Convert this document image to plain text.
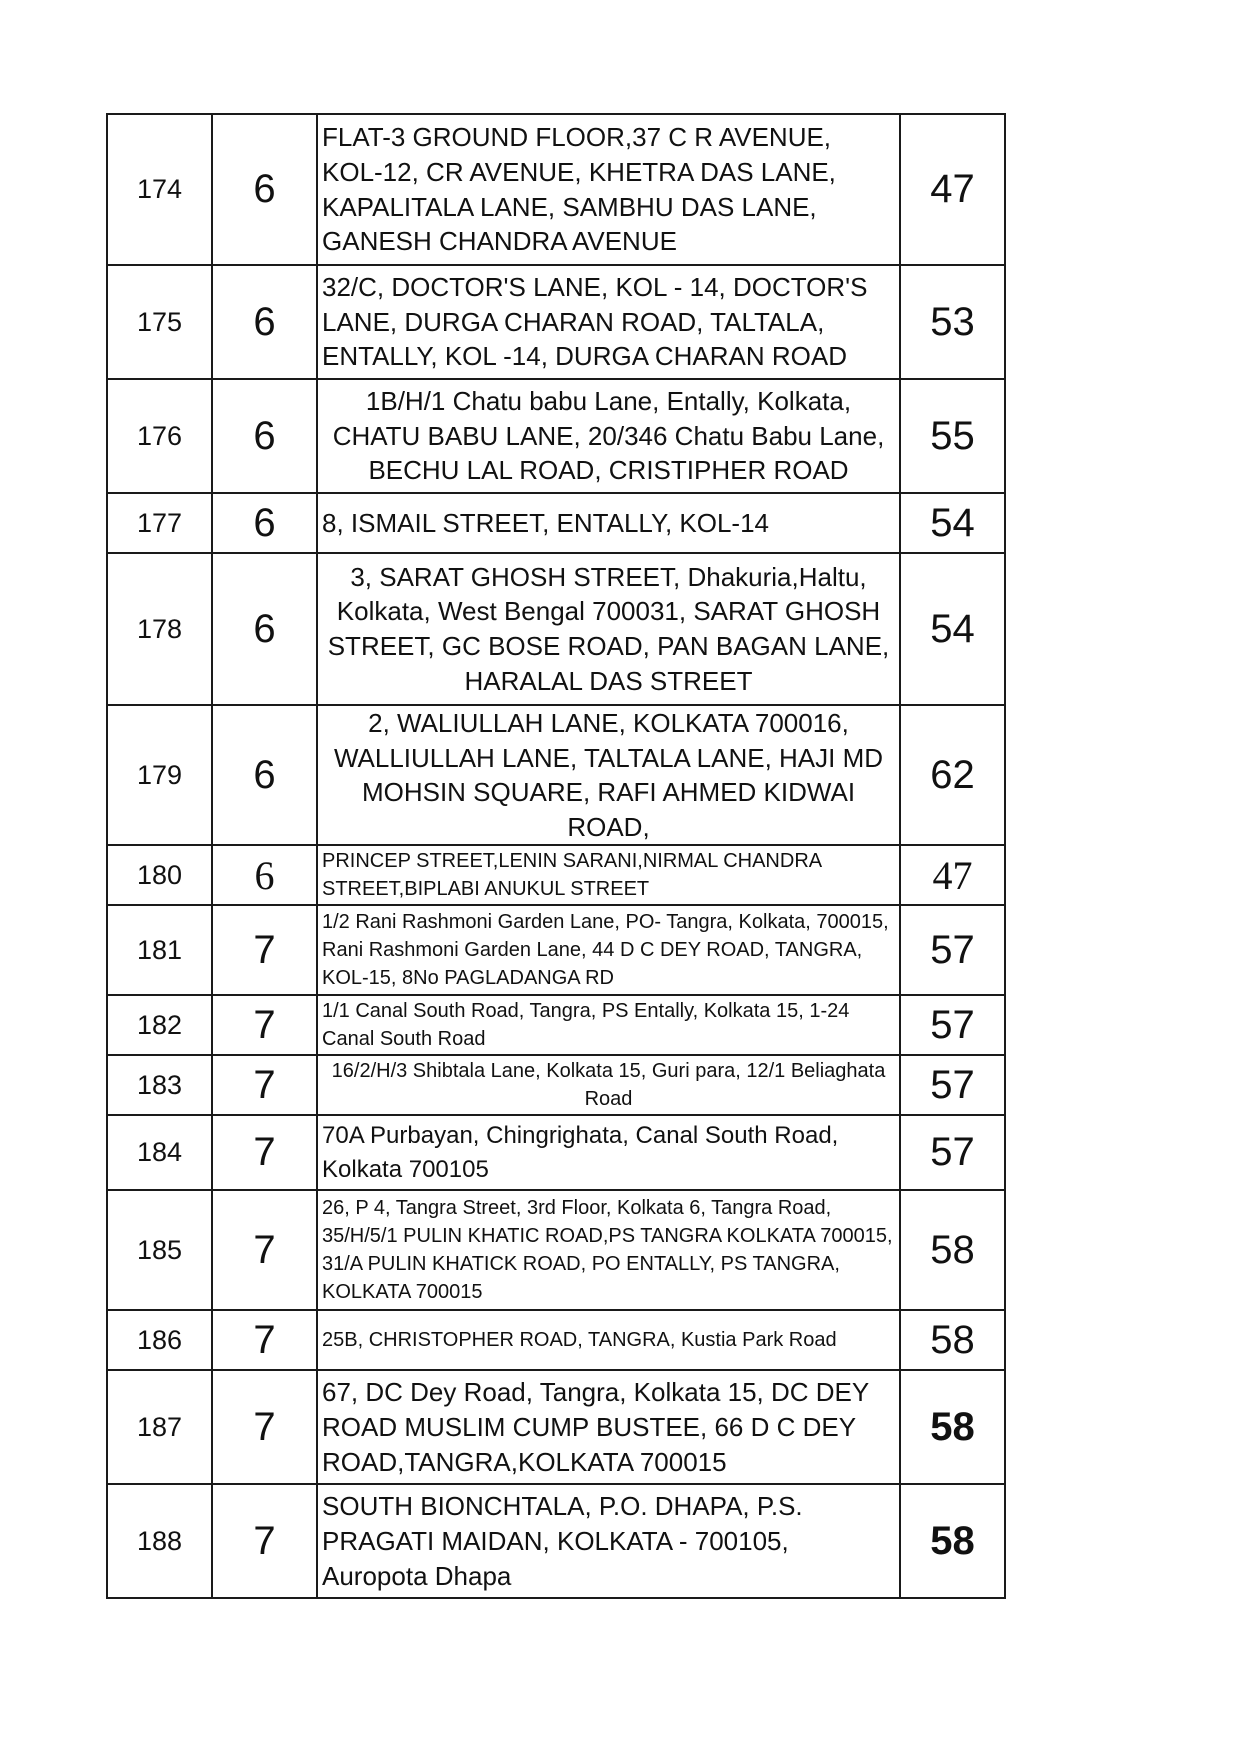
174	6	FLAT-3 GROUND FLOOR,37 C R AVENUE, KOL-12, CR AVENUE, KHETRA DAS LANE, KAPALITALA LANE, SAMBHU DAS LANE, GANESH CHANDRA AVENUE	47
175	6	32/C, DOCTOR'S LANE, KOL - 14, DOCTOR'S LANE, DURGA CHARAN ROAD, TALTALA, ENTALLY, KOL -14, DURGA CHARAN ROAD	53
176	6	1B/H/1 Chatu babu Lane, Entally, Kolkata, CHATU BABU LANE, 20/346 Chatu Babu Lane, BECHU LAL ROAD, CRISTIPHER ROAD	55
177	6	8, ISMAIL STREET, ENTALLY, KOL-14	54
178	6	3, SARAT GHOSH STREET, Dhakuria,Haltu, Kolkata, West Bengal 700031, SARAT GHOSH STREET, GC BOSE ROAD, PAN BAGAN LANE, HARALAL DAS STREET	54
179	6	2, WALIULLAH LANE, KOLKATA 700016, WALLIULLAH LANE, TALTALA LANE, HAJI MD MOHSIN SQUARE, RAFI AHMED KIDWAI ROAD,	62
180	6	PRINCEP STREET,LENIN SARANI,NIRMAL CHANDRA STREET,BIPLABI ANUKUL STREET	47
181	7	1/2 Rani Rashmoni Garden Lane, PO- Tangra, Kolkata, 700015, Rani Rashmoni Garden Lane, 44 D C DEY ROAD, TANGRA, KOL-15, 8No PAGLADANGA RD	57
182	7	1/1 Canal South Road, Tangra, PS Entally, Kolkata 15, 1-24 Canal South Road	57
183	7	16/2/H/3 Shibtala Lane, Kolkata 15, Guri para, 12/1 Beliaghata Road	57
184	7	70A Purbayan, Chingrighata, Canal South Road, Kolkata 700105	57
185	7	26, P 4, Tangra Street, 3rd Floor, Kolkata 6, Tangra Road, 35/H/5/1 PULIN KHATIC ROAD,PS TANGRA KOLKATA 700015, 31/A PULIN KHATICK ROAD, PO ENTALLY, PS TANGRA, KOLKATA 700015	58
186	7	25B, CHRISTOPHER ROAD, TANGRA, Kustia Park Road	58
187	7	67, DC Dey Road, Tangra, Kolkata 15, DC DEY ROAD MUSLIM CUMP BUSTEE, 66 D C DEY ROAD,TANGRA,KOLKATA 700015	58
188	7	SOUTH BIONCHTALA, P.O. DHAPA, P.S. PRAGATI MAIDAN, KOLKATA - 700105, Auropota Dhapa	58
